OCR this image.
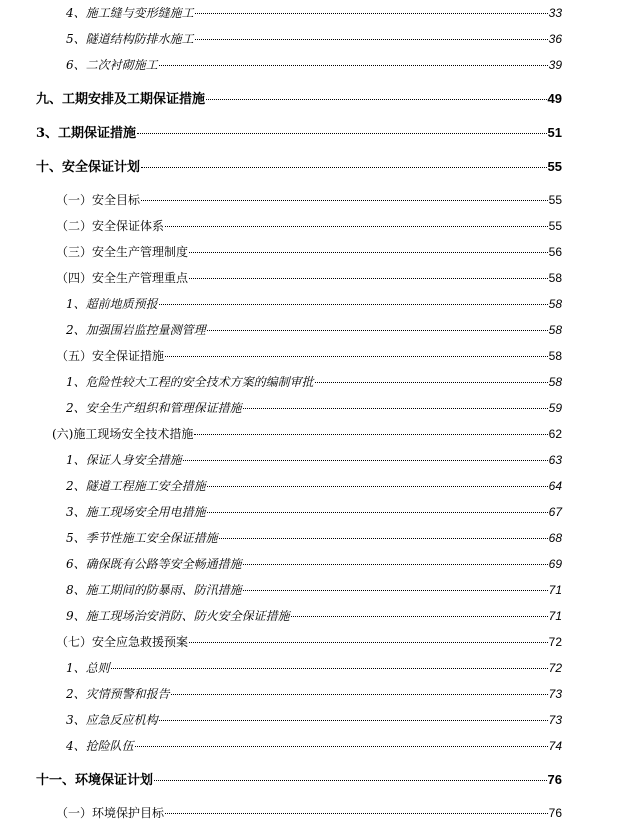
4、施工缝与变形缝施工	33
5、隧道结构防排水施工	36
6、二次衬砌施工	39
九、工期安排及工期保证措施	49
3、工期保证措施	51
十、安全保证计划	55
（一）安全目标	55
（二）安全保证体系	55
（三）安全生产管理制度	56
（四）安全生产管理重点	58
1、超前地质预报	58
2、加强围岩监控量测管理	58
（五）安全保证措施	58
1、危险性较大工程的安全技术方案的编制审批	58
2、安全生产组织和管理保证措施	59
(六)施工现场安全技术措施	62
1、保证人身安全措施	63
2、隧道工程施工安全措施	64
3、施工现场安全用电措施	67
5、季节性施工安全保证措施	68
6、确保既有公路等安全畅通措施	69
8、施工期间的防暴雨、防汛措施	71
9、施工现场治安消防、防火安全保证措施	71
（七）安全应急救援预案	72
1、总则	72
2、灾情预警和报告	73
3、应急反应机构	73
4、抢险队伍	74
十一、环境保证计划	76
（一）环境保护目标	76
